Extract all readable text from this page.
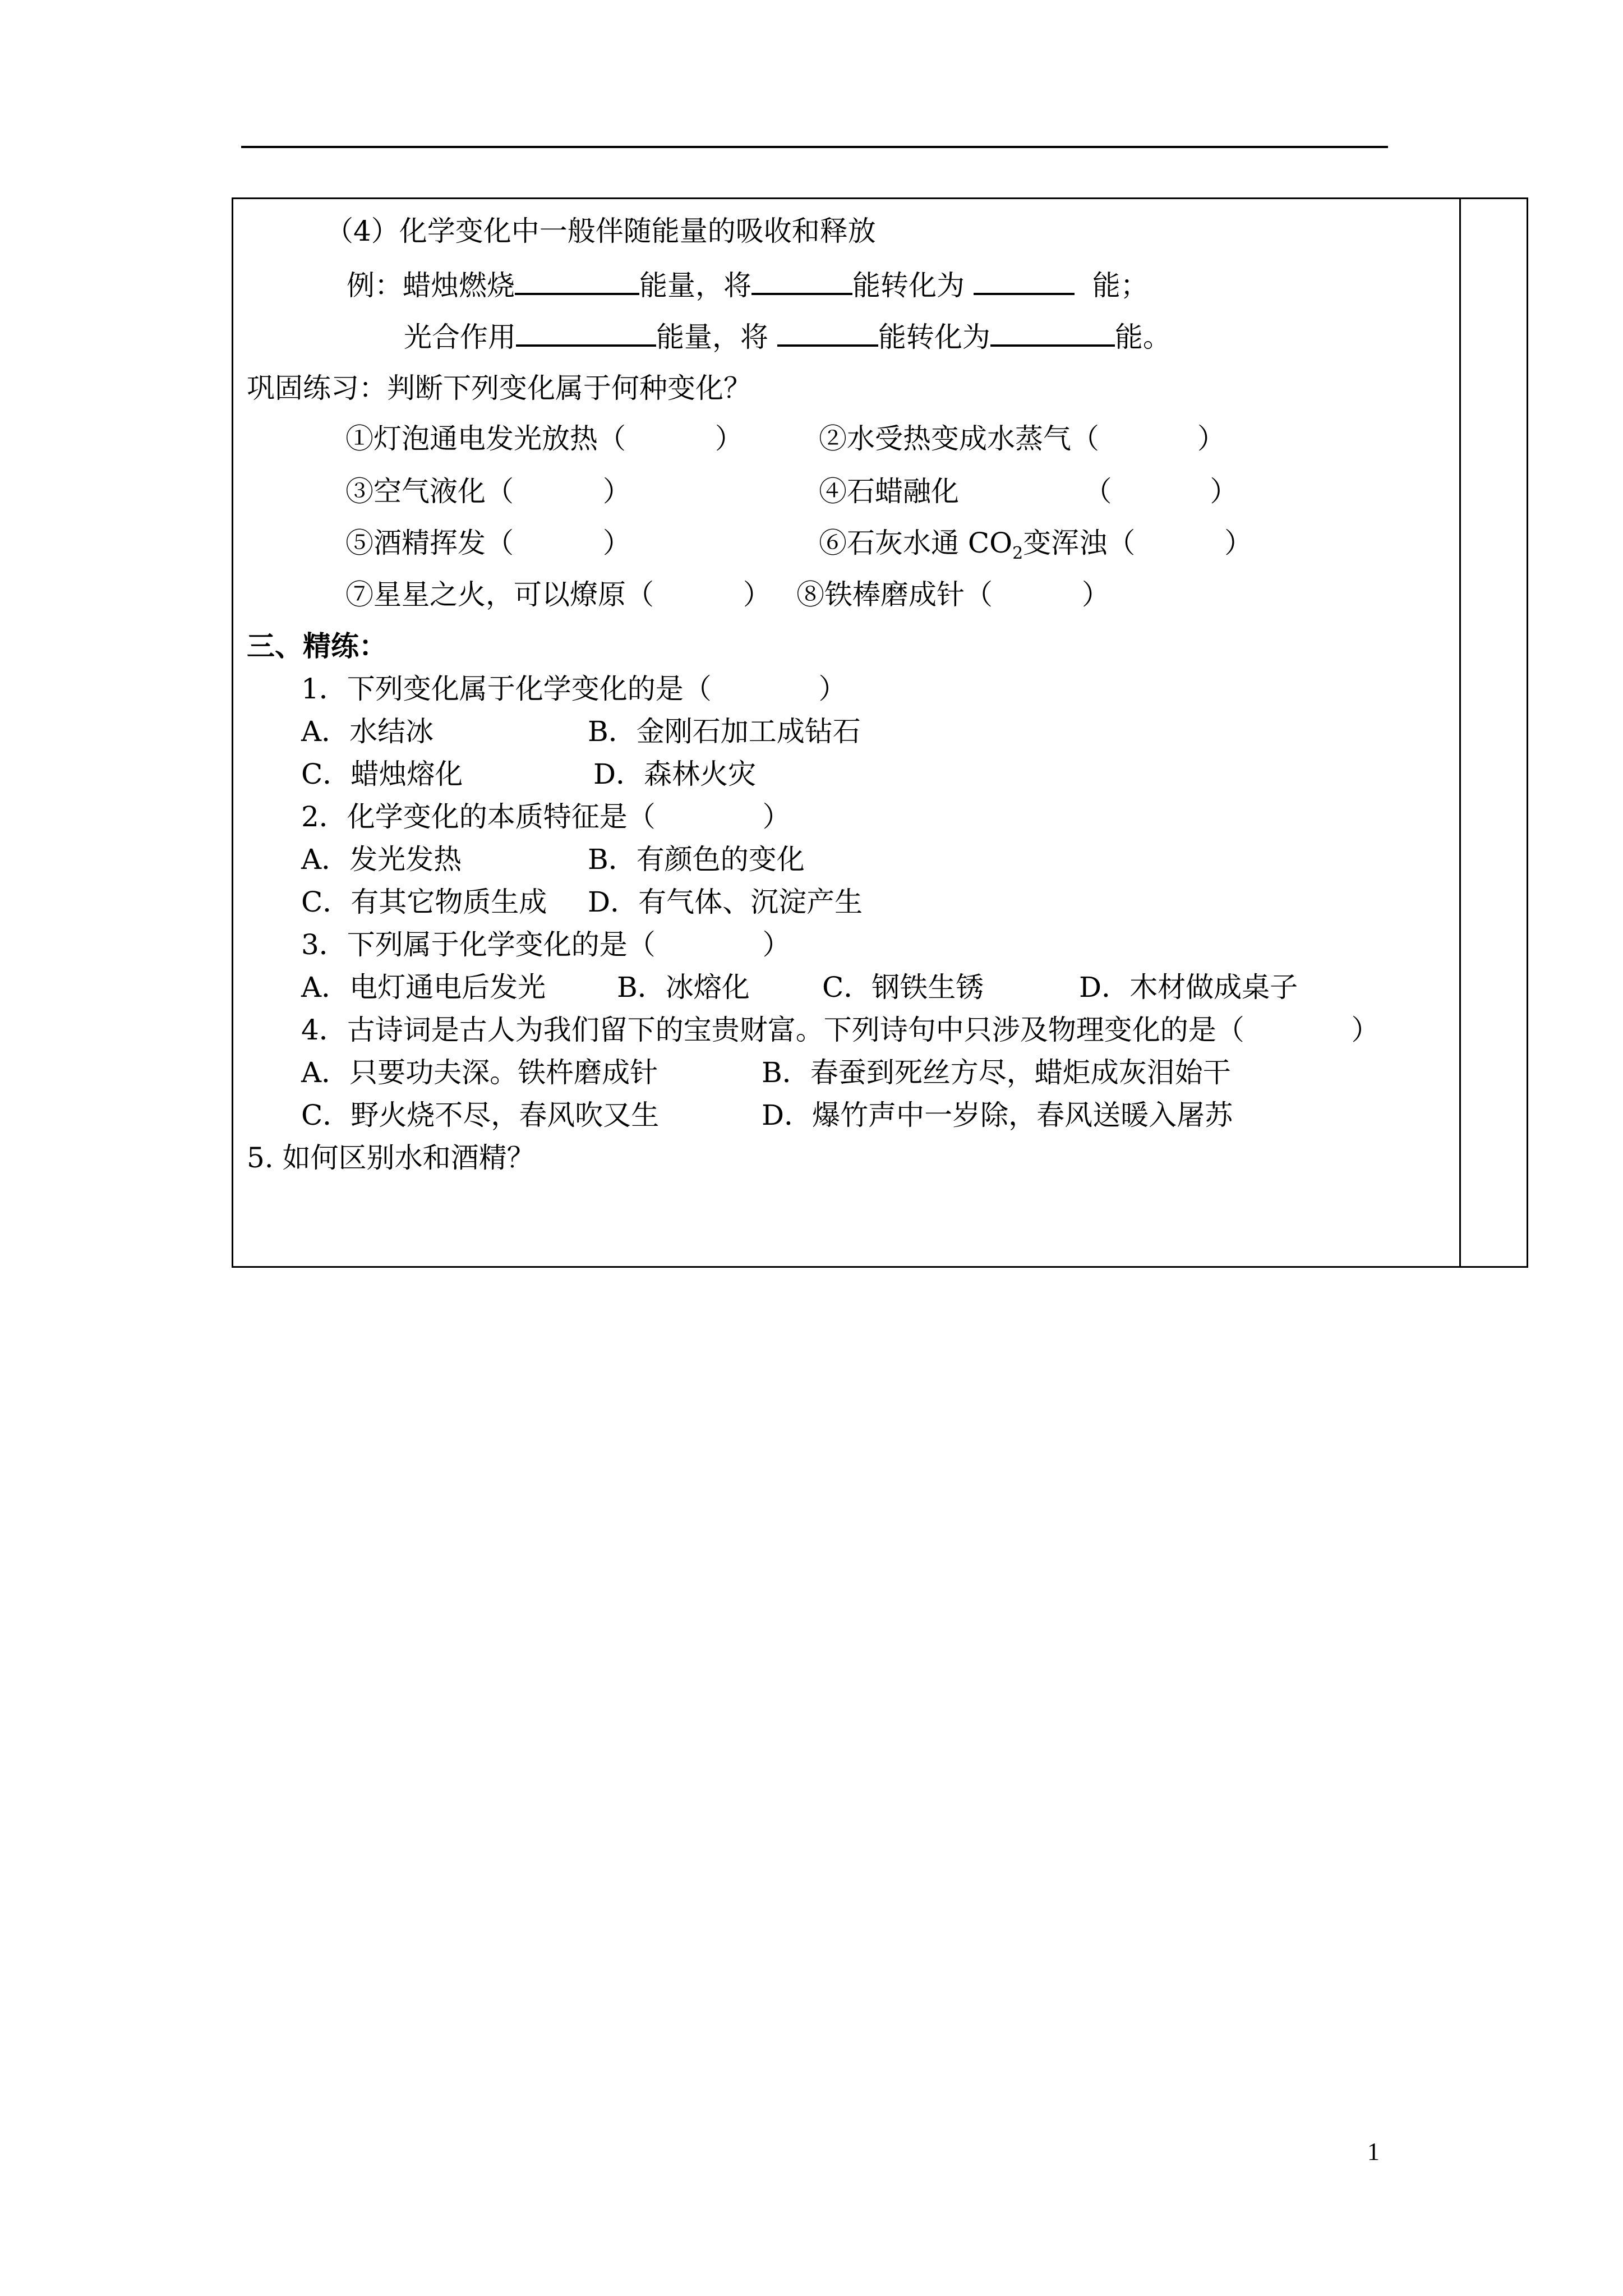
（4）化学变化中一般伴随能量的吸收和释放
例：蜡烛燃烧	能量，将	能转化为	能；
光合作用	能量，将	能转化为	能。
巩固练习：判断下列变化属于何种变化？
①灯泡通电发光放热（          ）	②水受热变成水蒸气（           ）
③空气液化（          ）	④石蜡融化              （           ）
⑤酒精挥发（          ）	⑥石灰水通 $CO_2$变浑浊（          ）
⑦星星之火，可以燎原（          ） ⑧铁棒磨成针（          ）
三、精练：
1．下列变化属于化学变化的是（            ）
A．水结冰	B．金刚石加工成钻石
C．蜡烛熔化	D．森林火灾
2．化学变化的本质特征是（            ）
A．发光发热	B．有颜色的变化
C．有其它物质生成 D．有气体、沉淀产生
3．下列属于化学变化的是（            ）
A．电灯通电后发光	B．冰熔化	C．钢铁生锈	D．木材做成桌子
4．古诗词是古人为我们留下的宝贵财富。下列诗句中只涉及物理变化的是（            ）
A．只要功夫深。铁杵磨成针	B．春蚕到死丝方尽，蜡炬成灰泪始干
C．野火烧不尽，春风吹又生	D．爆竹声中一岁除，春风送暖入屠苏
5. 如何区别水和酒精？
1
